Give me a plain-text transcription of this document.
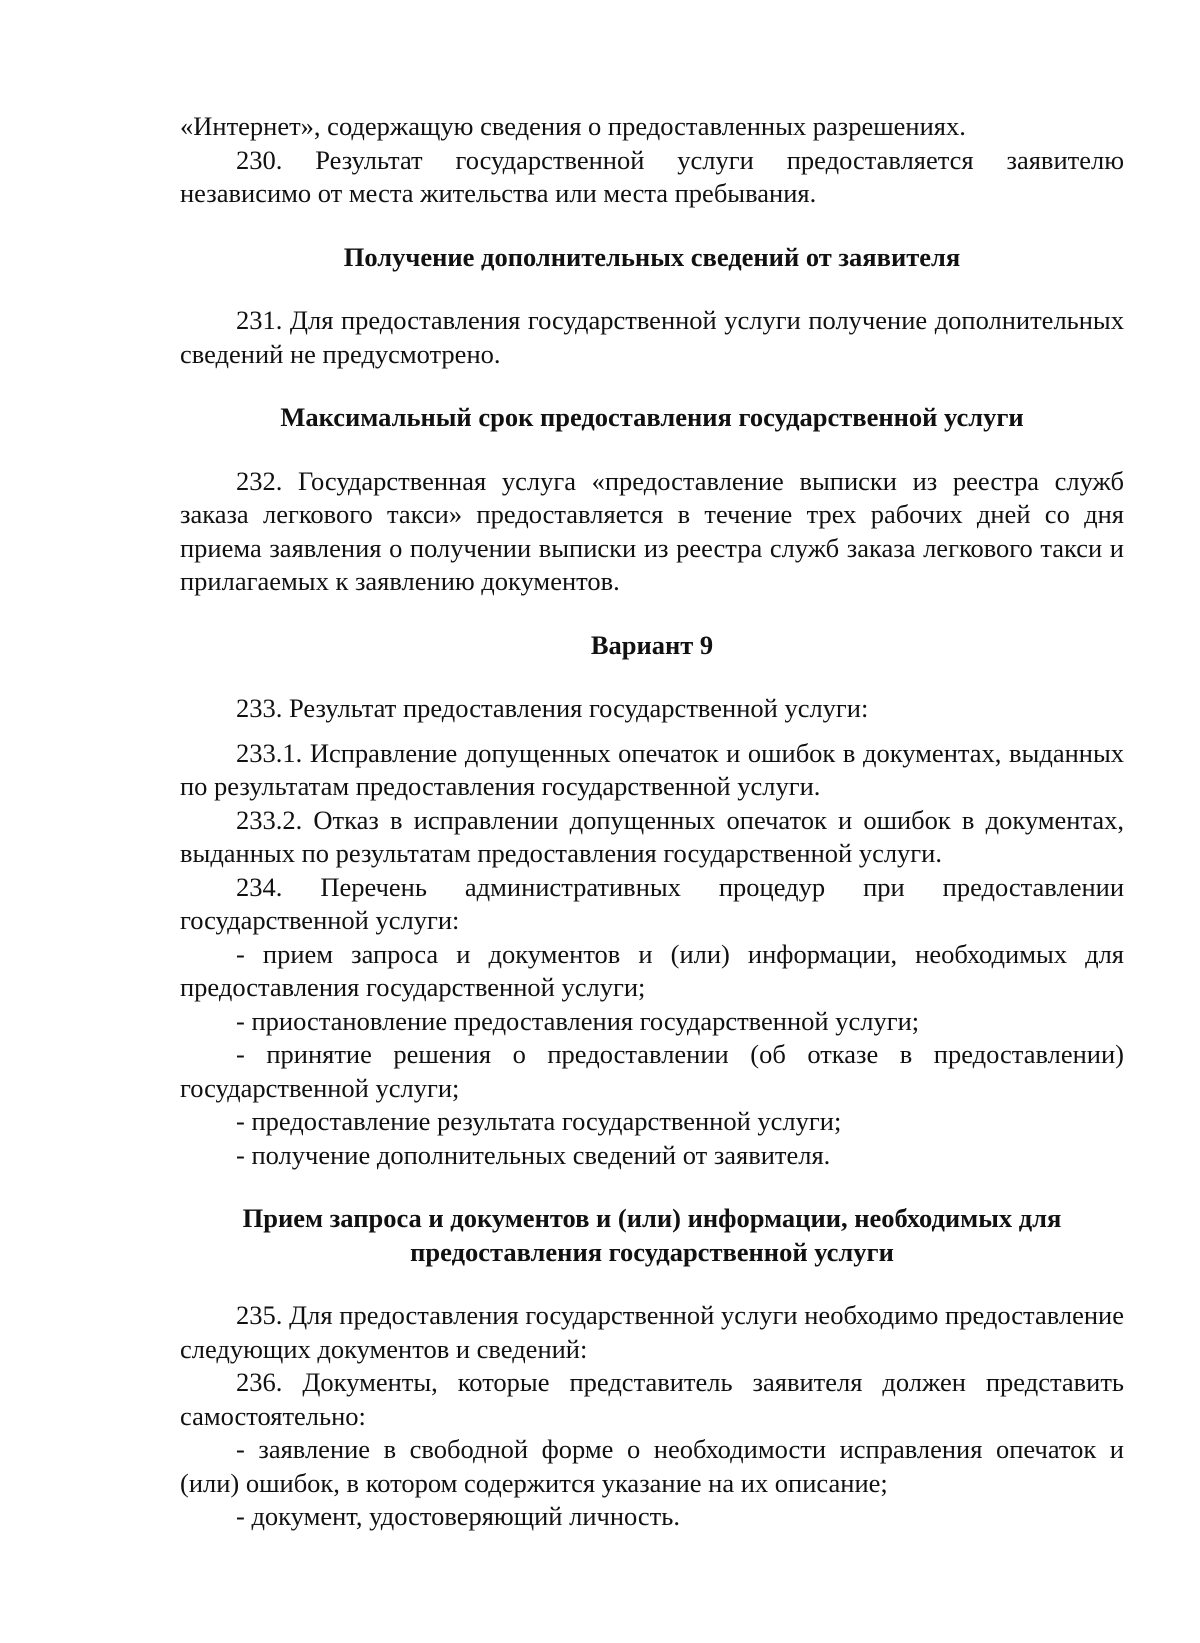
«Интернет», содержащую сведения о предоставленных разрешениях.

230. Результат государственной услуги предоставляется заявителю независимо от места жительства или места пребывания.

Получение дополнительных сведений от заявителя

231. Для предоставления государственной услуги получение дополнительных сведений не предусмотрено.

Максимальный срок предоставления государственной услуги

232. Государственная услуга «предоставление выписки из реестра служб заказа легкового такси» предоставляется в течение трех рабочих дней со дня приема заявления о получении выписки из реестра служб заказа легкового такси и прилагаемых к заявлению документов.

Вариант 9

233. Результат предоставления государственной услуги:

233.1. Исправление допущенных опечаток и ошибок в документах, выданных по результатам предоставления государственной услуги.

233.2. Отказ в исправлении допущенных опечаток и ошибок в документах, выданных по результатам предоставления государственной услуги.

234. Перечень административных процедур при предоставлении государственной услуги:

- прием запроса и документов и (или) информации, необходимых для предоставления государственной услуги;

- приостановление предоставления государственной услуги;

- принятие решения о предоставлении (об отказе в предоставлении) государственной услуги;

- предоставление результата государственной услуги;

- получение дополнительных сведений от заявителя.

Прием запроса и документов и (или) информации, необходимых для

предоставления государственной услуги

235. Для предоставления государственной услуги необходимо предоставление следующих документов и сведений:

236. Документы, которые представитель заявителя должен представить самостоятельно:

- заявление в свободной форме о необходимости исправления опечаток и (или) ошибок, в котором содержится указание на их описание;

- документ, удостоверяющий личность.
